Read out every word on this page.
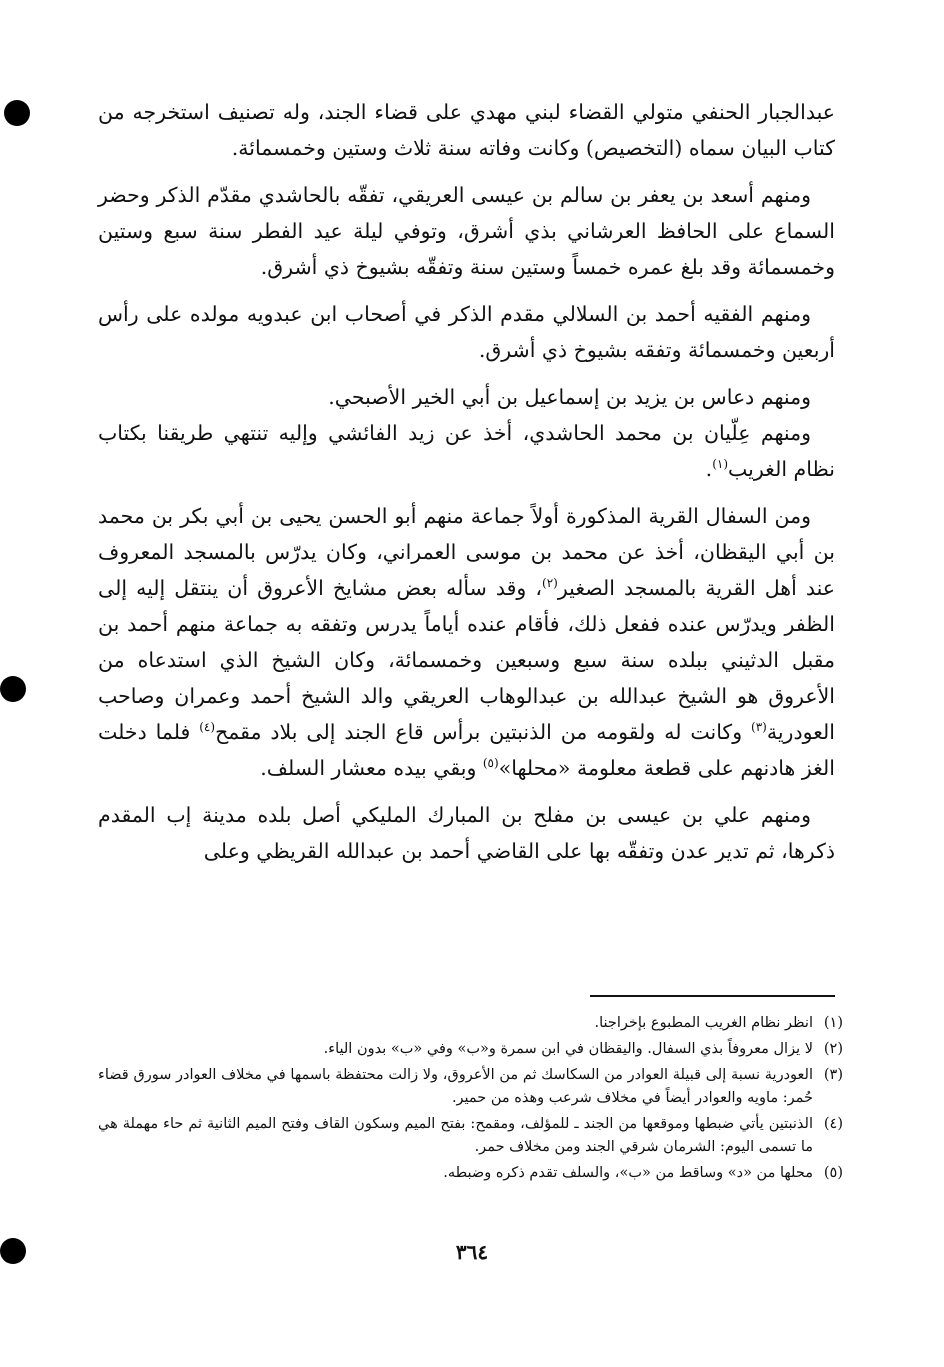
عبدالجبار الحنفي متولي القضاء لبني مهدي على قضاء الجند، وله تصنيف استخرجه من كتاب البيان سماه (التخصيص) وكانت وفاته سنة ثلاث وستين وخمسمائة.

ومنهم أسعد بن يعفر بن سالم بن عيسى العريقي، تفقّه بالحاشدي مقدّم الذكر وحضر السماع على الحافظ العرشاني بذي أشرق، وتوفي ليلة عيد الفطر سنة سبع وستين وخمسمائة وقد بلغ عمره خمساً وستين سنة وتفقّه بشيوخ ذي أشرق.

ومنهم الفقيه أحمد بن السلالي مقدم الذكر في أصحاب ابن عبدويه مولده على رأس أربعين وخمسمائة وتفقه بشيوخ ذي أشرق.

ومنهم دعاس بن يزيد بن إسماعيل بن أبي الخير الأصبحي.

ومنهم عِلّيان بن محمد الحاشدي، أخذ عن زيد الفائشي وإليه تنتهي طريقنا بكتاب نظام الغريب$^{(١)}$.

ومن السفال القرية المذكورة أولاً جماعة منهم أبو الحسن يحيى بن أبي بكر بن محمد بن أبي اليقظان، أخذ عن محمد بن موسى العمراني، وكان يدرّس بالمسجد المعروف عند أهل القرية بالمسجد الصغير$^{(٢)}$، وقد سأله بعض مشايخ الأعروق أن ينتقل إليه إلى الظفر ويدرّس عنده ففعل ذلك، فأقام عنده أياماً يدرس وتفقه به جماعة منهم أحمد بن مقبل الدثيني ببلده سنة سبع وسبعين وخمسمائة، وكان الشيخ الذي استدعاه من الأعروق هو الشيخ عبدالله بن عبدالوهاب العريقي والد الشيخ أحمد وعمران وصاحب العودرية$^{(٣)}$ وكانت له ولقومه من الذنبتين برأس قاع الجند إلى بلاد مقمح$^{(٤)}$ فلما دخلت الغز هادنهم على قطعة معلومة «محلها»$^{(٥)}$ وبقي بيده معشار السلف.

ومنهم علي بن عيسى بن مفلح بن المبارك المليكي أصل بلده مدينة إب المقدم ذكرها، ثم تدير عدن وتفقّه بها على القاضي أحمد بن عبدالله القريظي وعلى

(١)
انظر نظام الغريب المطبوع بإخراجنا.
(٢)
لا يزال معروفاً بذي السفال. واليقظان في ابن سمرة و«ب» وفي «ب» بدون الياء.
(٣)
العودرية نسبة إلى قبيلة العوادر من السكاسك ثم من الأعروق، ولا زالت محتفظة باسمها في مخلاف العوادر سورق قضاء حُمر: ماويه والعوادر أيضاً في مخلاف شرعب وهذه من حمير.
(٤)
الذنبتين يأتي ضبطها وموقعها من الجند ـ للمؤلف، ومقمح: بفتح الميم وسكون القاف وفتح الميم الثانية ثم حاء مهملة هي ما تسمى اليوم: الشرمان شرقي الجند ومن مخلاف حمر.
(٥)
محلها من «د» وساقط من «ب»، والسلف تقدم ذكره وضبطه.
٣٦٤
